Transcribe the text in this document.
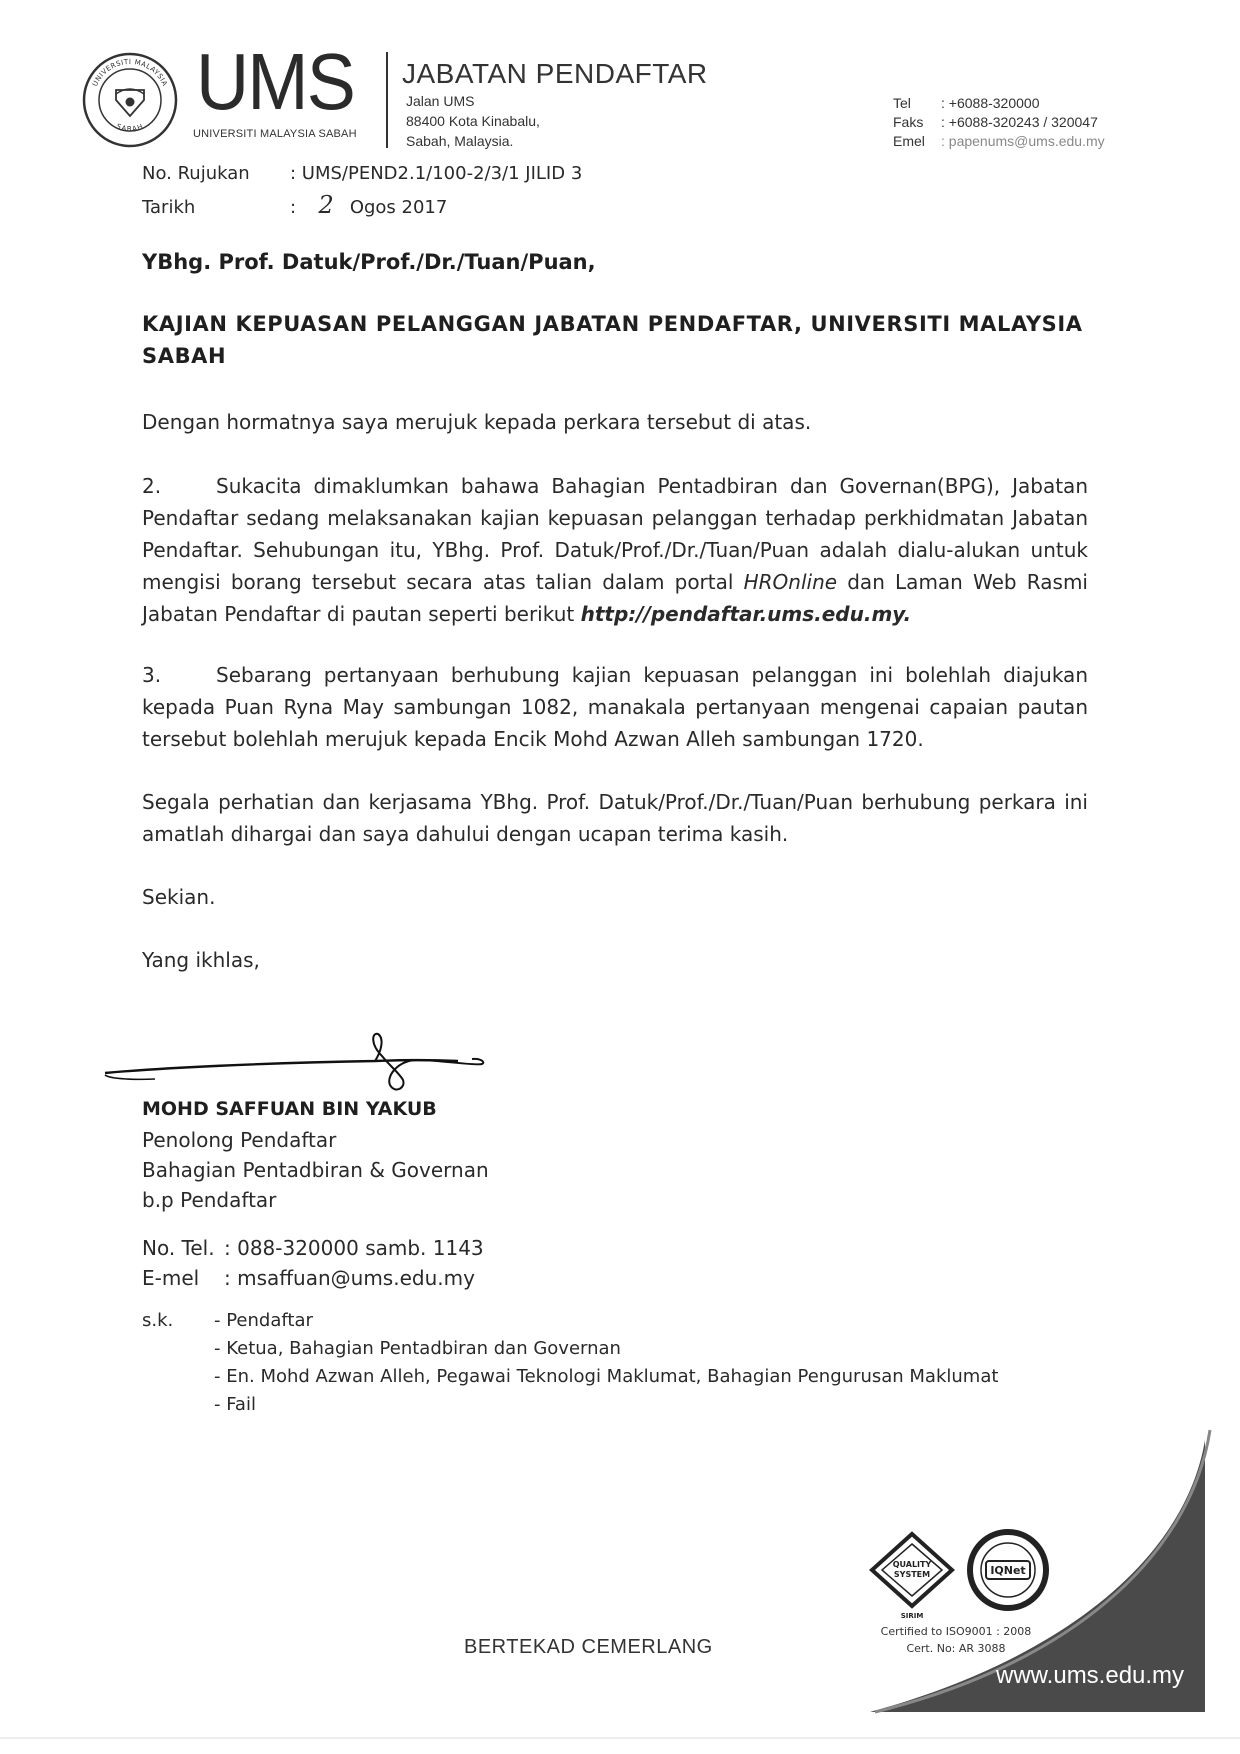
UNIVERSITI MALAYSIA
SABAH
UMS
UNIVERSITI MALAYSIA SABAH
JABATAN PENDAFTAR
Jalan UMS
88400 Kota Kinabalu,
Sabah, Malaysia.
Tel : +6088-320000
Faks : +6088-320243 / 320047
Emel : papenums@ums.edu.my
No. Rujukan : UMS/PEND2.1/100-2/3/1 JILID 3
Tarikh	: 2 Ogos 2017
YBhg. Prof. Datuk/Prof./Dr./Tuan/Puan,
KAJIAN KEPUASAN PELANGGAN JABATAN PENDAFTAR, UNIVERSITI MALAYSIA SABAH
Dengan hormatnya saya merujuk kepada perkara tersebut di atas.
2.	Sukacita dimaklumkan bahawa Bahagian Pentadbiran dan Governan(BPG), Jabatan Pendaftar sedang melaksanakan kajian kepuasan pelanggan terhadap perkhidmatan Jabatan Pendaftar. Sehubungan itu, YBhg. Prof. Datuk/Prof./Dr./Tuan/Puan adalah dialu-alukan untuk mengisi borang tersebut secara atas talian dalam portal HROnline dan Laman Web Rasmi Jabatan Pendaftar di pautan seperti berikut http://pendaftar.ums.edu.my.
3.	Sebarang pertanyaan berhubung kajian kepuasan pelanggan ini bolehlah diajukan kepada Puan Ryna May sambungan 1082, manakala pertanyaan mengenai capaian pautan tersebut bolehlah merujuk kepada Encik Mohd Azwan Alleh sambungan 1720.
Segala perhatian dan kerjasama YBhg. Prof. Datuk/Prof./Dr./Tuan/Puan berhubung perkara ini amatlah dihargai dan saya dahului dengan ucapan terima kasih.
Sekian.
Yang ikhlas,
MOHD SAFFUAN BIN YAKUB
Penolong Pendaftar
Bahagian Pentadbiran & Governan
b.p Pendaftar
No. Tel. : 088-320000 samb. 1143
E-mel : msaffuan@ums.edu.my
s.k. - Pendaftar
- Ketua, Bahagian Pentadbiran dan Governan
- En. Mohd Azwan Alleh, Pegawai Teknologi Maklumat, Bahagian Pengurusan Maklumat
- Fail
QUALITY
SYSTEM
SIRIM
IQNet
Certified to ISO9001 : 2008
Cert. No: AR 3088
BERTEKAD CEMERLANG
www.ums.edu.my
